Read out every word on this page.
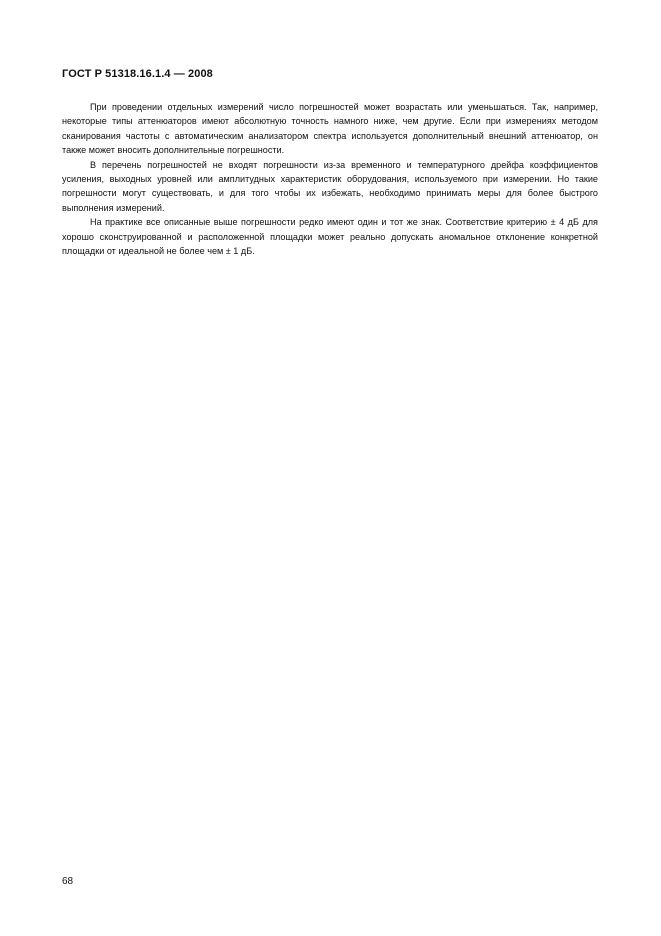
ГОСТ Р 51318.16.1.4 — 2008

При проведении отдельных измерений число погрешностей может возрастать или уменьшаться. Так, например, некоторые типы аттенюаторов имеют абсолютную точность намного ниже, чем другие. Если при измерениях методом сканирования частоты с автоматическим анализатором спектра используется дополнительный внешний аттенюатор, он также может вносить дополнительные погрешности.

В перечень погрешностей не входят погрешности из-за временного и температурного дрейфа коэффициентов усиления, выходных уровней или амплитудных характеристик оборудования, используемого при измерении. Но такие погрешности могут существовать, и для того чтобы их избежать, необходимо принимать меры для более быстрого выполнения измерений.

На практике все описанные выше погрешности редко имеют один и тот же знак. Соответствие критерию ± 4 дБ для хорошо сконструированной и расположенной площадки может реально допускать аномальное отклонение конкретной площадки от идеальной не более чем ± 1 дБ.

68
